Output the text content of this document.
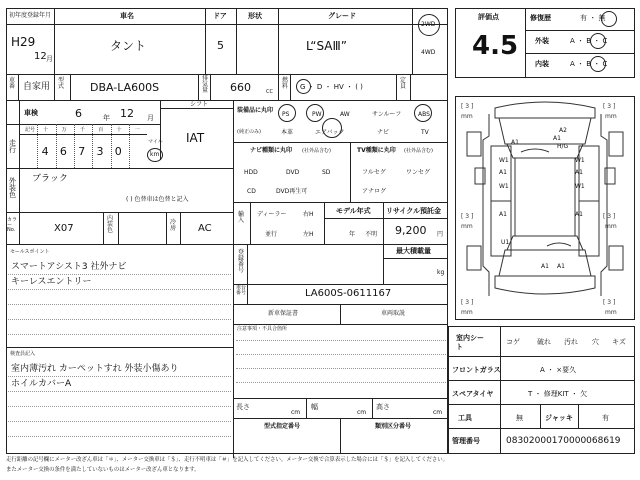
初年度登録年月
H29
12 月
車名
タント
ドア
5
形状	グレード
L“SAⅢ”
2WD
4WD
評価点
4.5
修復歴	有 ・ 無
外装	A ・ B ・ C
内装	A ・ B ・ C
車番 自家用
型式 DBA-LA600S
排気量 660	CC
燃料 G ・ D ・ HV ・ ( )
定員
車検	6	年 12 月
シフト
IAT
走行
記号 十	万	千	百	十	一
4 6 7 3 0
マイル
km
装備品に丸印
(純正のみ)
PS	PW	AW	サンルーフ	ABS
本革	エアバック	ナビ	TV
ナビ種類に丸印 (社外品含む)
HDD	DVD	SD
CD	DVD再生可
TV種類に丸印 (社外品含む)
フルセグ	ワンセグ
アナログ
外装色
ブラック
( ) 色替車は色替と記入
輸入
ディーラー
並行
右H
左H
モデル年式
年 不明
リサイクル預託金
9,200 円
カラーNo.	X07
内装色
冷房 AC
最大積載量
kg
登録番号
車台番号	LA600S-0611167
新車保証書	車両取説
注意事項・不具合箇所
セールスポイント
スマートアシスト3 社外ナビ
キーレスエントリー
検査員記入
室内薄汚れ カーペットすれ 外装小傷あり
ホイルカバーA
長さ
cm
幅
cm
高さ
cm
型式指定番号	類別区分番号
[ 3 ]	[ 3 ]
mm	mm
[ 3 ]	[ 3 ]
mm	mm
[ 3 ]	[ 3 ]
mm	mm
A2
A1
A1
W1	W1
W1	W1
A1	A1
H/G
U1
A1	A1
A1 A1
室内シート
コゲ 破れ 汚れ 穴 キズ
フロントガラス	A ・ ×要久
スペアタイヤ	T ・ 修理KIT ・ 欠
工具	無	ジャッキ	有
管理番号	08302000170000068619
走行距離の記号欄にメーター改ざん車は「＊」、メーター交換車は「＄」、走行不明車は「＃」を記入してください。メーター交換で合算表示した場合には「＄」を記入してください。
またメーター交換の条件を満たしていないものはメーター改ざん車となります。
